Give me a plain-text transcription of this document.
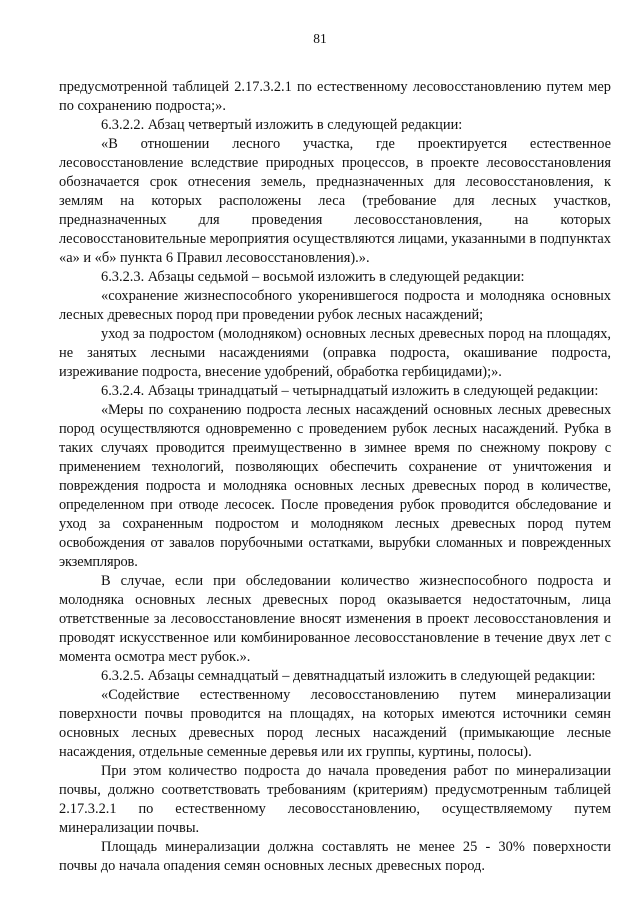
81

предусмотренной таблицей 2.17.3.2.1 по естественному лесовосстановлению путем мер по сохранению подроста;».

6.3.2.2. Абзац четвертый изложить в следующей редакции:

«В отношении лесного участка, где проектируется естественное лесовосстановление вследствие природных процессов, в проекте лесовосстановления обозначается срок отнесения земель, предназначенных для лесовосстановления, к землям на которых расположены леса (требование для лесных участков, предназначенных для проведения лесовосстановления, на которых лесовосстановительные мероприятия осуществляются лицами, указанными в подпунктах «а» и «б» пункта 6 Правил лесовосстановления).».

6.3.2.3. Абзацы седьмой – восьмой изложить в следующей редакции:

«сохранение жизнеспособного укоренившегося подроста и молодняка основных лесных древесных пород при проведении рубок лесных насаждений;

уход за подростом (молодняком) основных лесных древесных пород на площадях, не занятых лесными насаждениями (оправка подроста, окашивание подроста, изреживание подроста, внесение удобрений, обработка гербицидами);».

6.3.2.4. Абзацы тринадцатый – четырнадцатый изложить в следующей редакции:

«Меры по сохранению подроста лесных насаждений основных лесных древесных пород осуществляются одновременно с проведением рубок лесных насаждений. Рубка в таких случаях проводится преимущественно в зимнее время по снежному покрову с применением технологий, позволяющих обеспечить сохранение от уничтожения и повреждения подроста и молодняка основных лесных древесных пород в количестве, определенном при отводе лесосек. После проведения рубок проводится обследование и уход за сохраненным подростом и молодняком лесных древесных пород путем освобождения от завалов порубочными остатками, вырубки сломанных и поврежденных экземпляров.

В случае, если при обследовании количество жизнеспособного подроста и молодняка основных лесных древесных пород оказывается недостаточным, лица ответственные за лесовосстановление вносят изменения в проект лесовосстановления и проводят искусственное или комбинированное лесовосстановление в течение двух лет с момента осмотра мест рубок.».

6.3.2.5. Абзацы семнадцатый – девятнадцатый изложить в следующей редакции:

«Содействие естественному лесовосстановлению путем минерализации поверхности почвы проводится на площадях, на которых имеются источники семян основных лесных древесных пород лесных насаждений (примыкающие лесные насаждения, отдельные семенные деревья или их группы, куртины, полосы).

При этом количество подроста до начала проведения работ по минерализации почвы, должно соответствовать требованиям (критериям) предусмотренным таблицей 2.17.3.2.1 по естественному лесовосстановлению, осуществляемому путем минерализации почвы.

Площадь минерализации должна составлять не менее 25 - 30% поверхности почвы до начала опадения семян основных лесных древесных пород.
